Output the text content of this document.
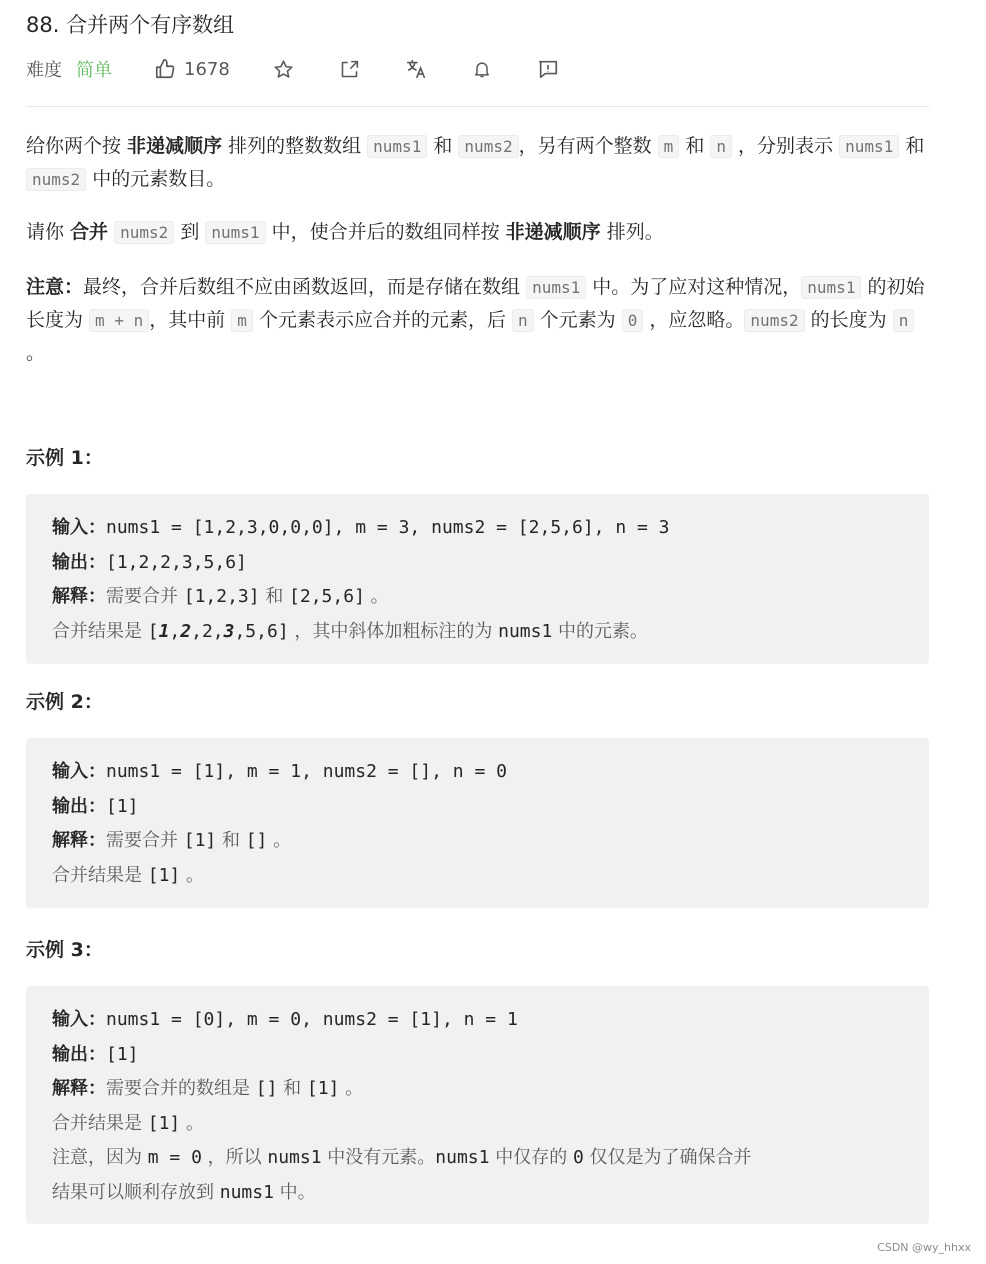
88. 合并两个有序数组
难度 简单	1678
给你两个按 非递减顺序 排列的整数数组 nums1 和 nums2 ，另有两个整数 m 和 n ，分别表示 nums1 和 nums2 中的元素数目。
请你 合并 nums2 到 nums1 中，使合并后的数组同样按 非递减顺序 排列。
注意：最终，合并后数组不应由函数返回，而是存储在数组 nums1 中。为了应对这种情况， nums1 的初始长度为 m + n ，其中前 m 个元素表示应合并的元素，后 n 个元素为 0 ，应忽略。 nums2 的长度为 n 。
示例 1：
输入：nums1 = [1,2,3,0,0,0], m = 3, nums2 = [2,5,6], n = 3
输出：[1,2,2,3,5,6]
解释：需要合并 [1,2,3] 和 [2,5,6] 。
合并结果是 [1,2,2,3,5,6] ，其中斜体加粗标注的为 nums1 中的元素。
示例 2：
输入：nums1 = [1], m = 1, nums2 = [], n = 0
输出：[1]
解释：需要合并 [1] 和 [] 。
合并结果是 [1] 。
示例 3：
输入：nums1 = [0], m = 0, nums2 = [1], n = 1
输出：[1]
解释：需要合并的数组是 [] 和 [1] 。
合并结果是 [1] 。
注意，因为 m = 0 ，所以 nums1 中没有元素。nums1 中仅存的 0 仅仅是为了确保合并
结果可以顺利存放到 nums1 中。
CSDN @wy_hhxx
